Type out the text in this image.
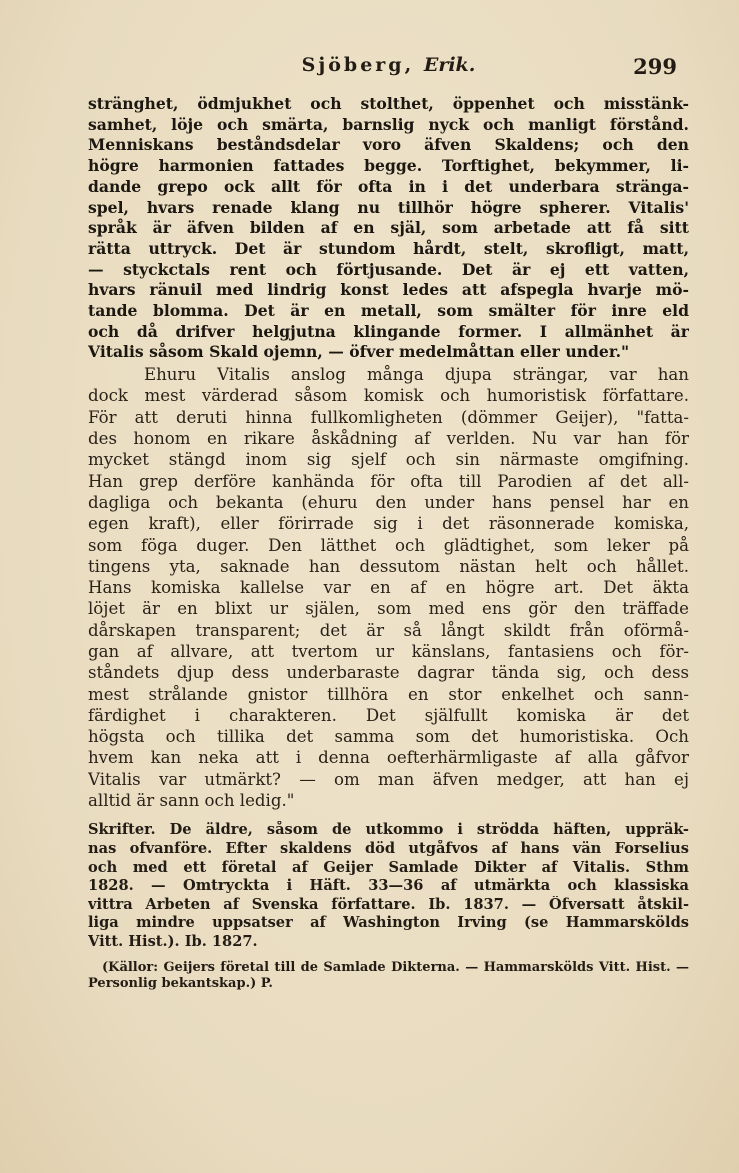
Sjöberg, Erik.	299
stränghet, ödmjukhet och stolthet, öppenhet och misstänk-
samhet, löje och smärta, barnslig nyck och manligt förstånd.
Menniskans beståndsdelar voro äfven Skaldens; och den
högre harmonien fattades begge. Torftighet, bekymmer, li-
dande grepo ock allt för ofta in i det underbara stränga-
spel, hvars renade klang nu tillhör högre spherer. Vitalis'
språk är äfven bilden af en själ, som arbetade att få sitt
rätta uttryck. Det är stundom hårdt, stelt, skrofligt, matt,
— styckctals rent och förtjusande. Det är ej ett vatten,
hvars ränuil med lindrig konst ledes att afspegla hvarje mö-
tande blomma. Det är en metall, som smälter för inre eld
och då drifver helgjutna klingande former. I allmänhet är
Vitalis såsom Skald ojemn, — öfver medelmåttan eller under."
Ehuru Vitalis anslog många djupa strängar, var han
dock mest värderad såsom komisk och humoristisk författare.
För att deruti hinna fullkomligheten (dömmer Geijer), "fatta-
des honom en rikare åskådning af verlden. Nu var han för
mycket stängd inom sig sjelf och sin närmaste omgifning.
Han grep derföre kanhända för ofta till Parodien af det all-
dagliga och bekanta (ehuru den under hans pensel har en
egen kraft), eller förirrade sig i det räsonnerade komiska,
som föga duger. Den lätthet och glädtighet, som leker på
tingens yta, saknade han dessutom nästan helt och hållet.
Hans komiska kallelse var en af en högre art. Det äkta
löjet är en blixt ur själen, som med ens gör den träffade
dårskapen transparent; det är så långt skildt från oförmå-
gan af allvare, att tvertom ur känslans, fantasiens och för-
ståndets djup dess underbaraste dagrar tända sig, och dess
mest strålande gnistor tillhöra en stor enkelhet och sann-
färdighet i charakteren. Det själfullt komiska är det
högsta och tillika det samma som det humoristiska. Och
hvem kan neka att i denna oefterhärmligaste af alla gåfvor
Vitalis var utmärkt? — om man äfven medger, att han ej
alltid är sann och ledig."
Skrifter. De äldre, såsom de utkommo i strödda häften, uppräk-
nas ofvanföre. Efter skaldens död utgåfvos af hans vän Forselius
och med ett företal af Geijer Samlade Dikter af Vitalis. Sthm
1828. — Omtryckta i Häft. 33—36 af utmärkta och klassiska
vittra Arbeten af Svenska författare. Ib. 1837. — Öfversatt åtskil-
liga mindre uppsatser af Washington Irving (se Hammarskölds
Vitt. Hist.). Ib. 1827.
(Källor: Geijers företal till de Samlade Dikterna. — Hammarskölds Vitt. Hist. —
Personlig bekantskap.) P.
